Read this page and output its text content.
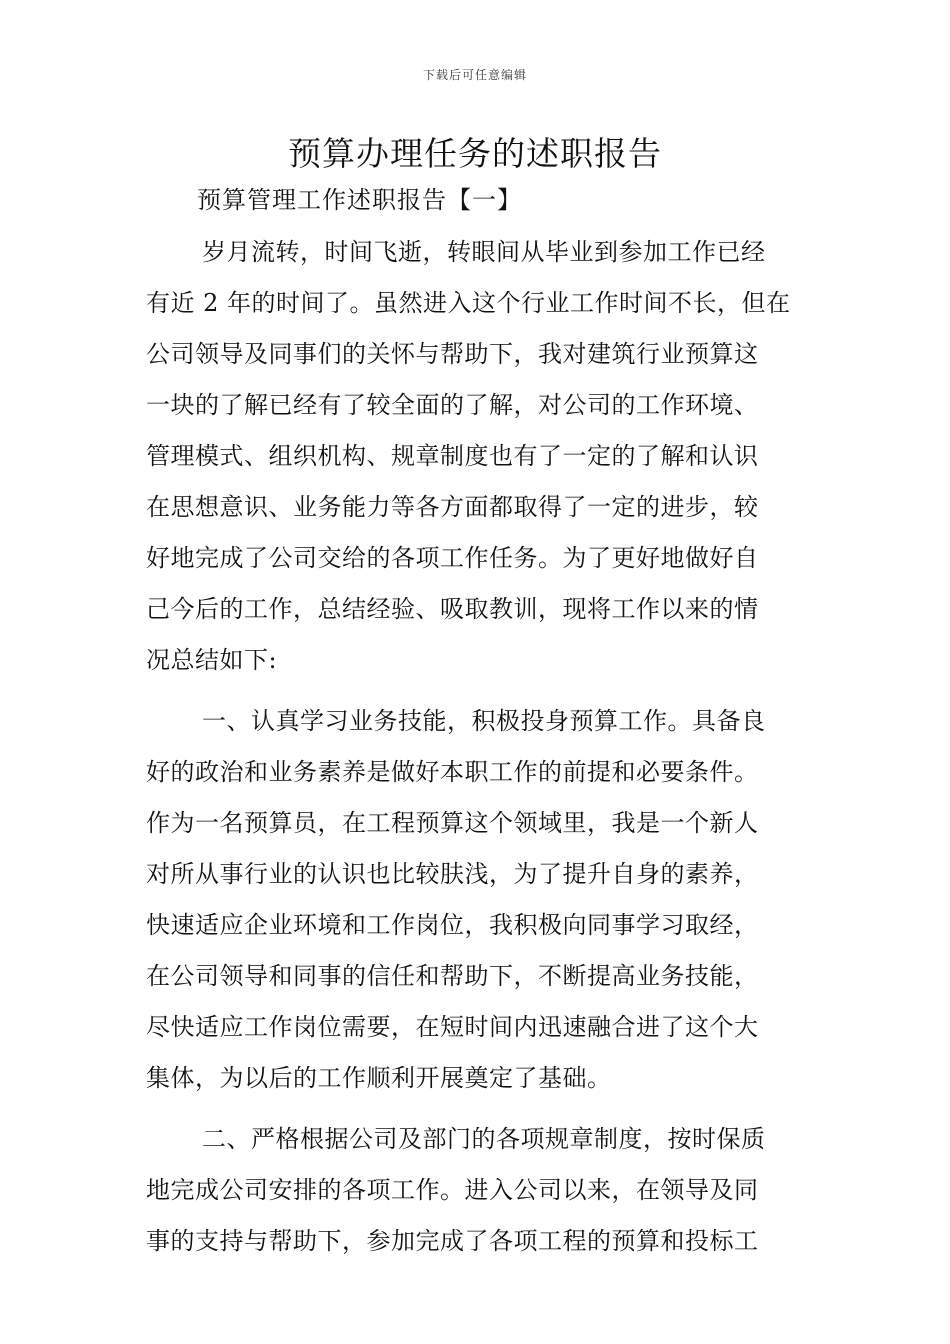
下载后可任意编辑
预算办理任务的述职报告
预算管理工作述职报告【一】
岁月流转，时间飞逝，转眼间从毕业到参加工作已经
有近 2 年的时间了。虽然进入这个行业工作时间不长，但在
公司领导及同事们的关怀与帮助下，我对建筑行业预算这
一块的了解已经有了较全面的了解，对公司的工作环境、
管理模式、组织机构、规章制度也有了一定的了解和认识
在思想意识、业务能力等各方面都取得了一定的进步，较
好地完成了公司交给的各项工作任务。为了更好地做好自
己今后的工作，总结经验、吸取教训，现将工作以来的情
况总结如下:
一、认真学习业务技能，积极投身预算工作。具备良
好的政治和业务素养是做好本职工作的前提和必要条件。
作为一名预算员，在工程预算这个领域里，我是一个新人
对所从事行业的认识也比较肤浅，为了提升自身的素养，
快速适应企业环境和工作岗位，我积极向同事学习取经，
在公司领导和同事的信任和帮助下，不断提高业务技能，
尽快适应工作岗位需要，在短时间内迅速融合进了这个大
集体，为以后的工作顺利开展奠定了基础。
二、严格根据公司及部门的各项规章制度，按时保质
地完成公司安排的各项工作。进入公司以来，在领导及同
事的支持与帮助下，参加完成了各项工程的预算和投标工
